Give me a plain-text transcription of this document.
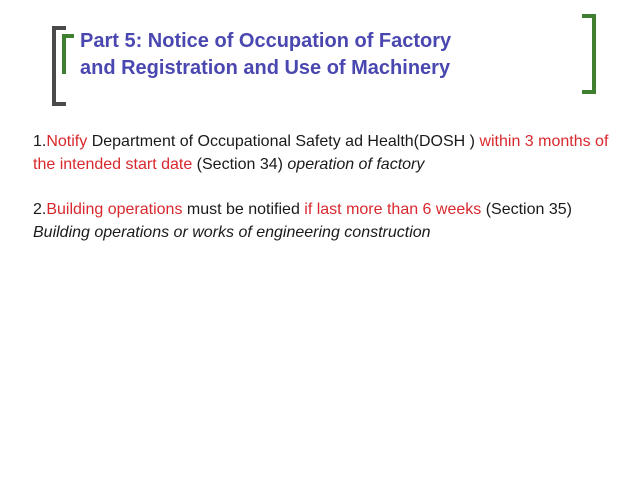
Part 5: Notice of Occupation of Factory
and Registration and Use of Machinery

1.Notify Department of Occupational Safety ad Health(DOSH ) within 3 months of the intended start date (Section 34) operation of factory

2.Building operations must be notified if last more than 6 weeks (Section 35) Building operations or works of engineering construction
